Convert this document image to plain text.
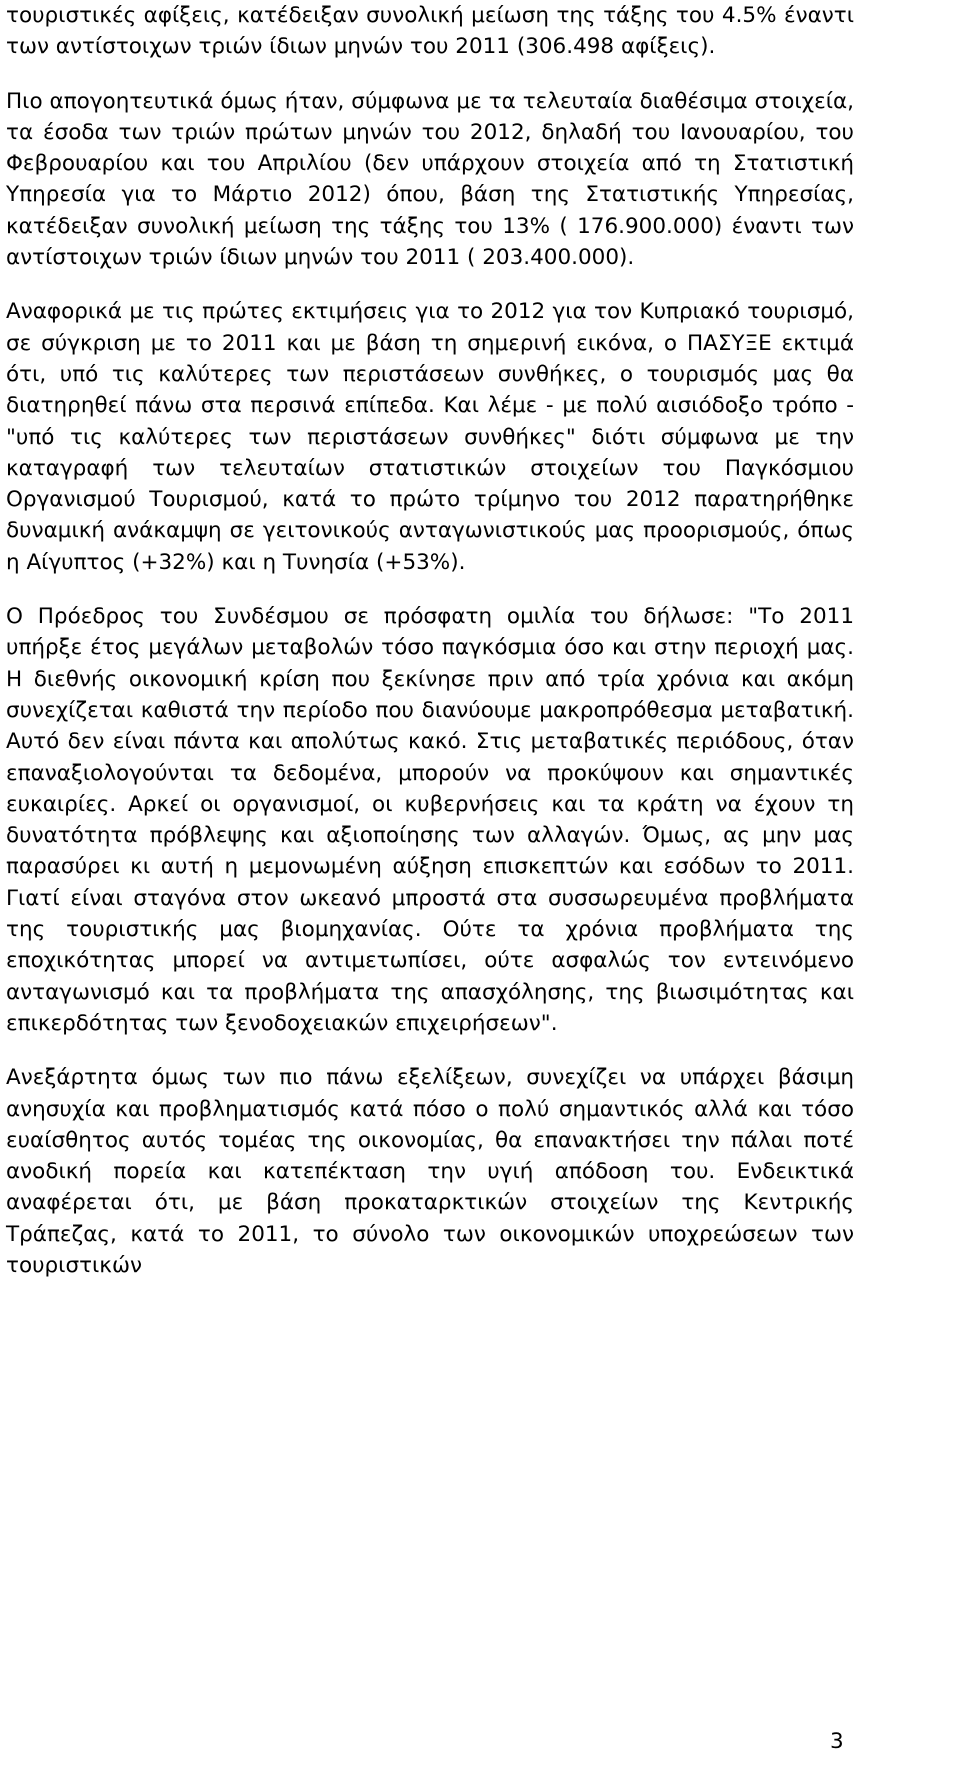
τουριστικές αφίξεις, κατέδειξαν συνολική μείωση της τάξης του 4.5% έναντι των αντίστοιχων τριών ίδιων μηνών του 2011 (306.498 αφίξεις).

Πιο απογοητευτικά όμως ήταν, σύμφωνα με τα τελευταία διαθέσιμα στοιχεία, τα έσοδα των τριών πρώτων μηνών του 2012, δηλαδή του Ιανουαρίου, του Φεβρουαρίου και του Απριλίου (δεν υπάρχουν στοιχεία από τη Στατιστική Υπηρεσία για το Μάρτιο 2012) όπου, βάση της Στατιστικής Υπηρεσίας, κατέδειξαν συνολική μείωση της τάξης του 13% ( 176.900.000) έναντι των αντίστοιχων τριών ίδιων μηνών του 2011 ( 203.400.000).

Αναφορικά με τις πρώτες εκτιμήσεις για το 2012 για τον Κυπριακό τουρισμό, σε σύγκριση με το 2011 και με βάση τη σημερινή εικόνα, ο ΠΑΣΥΞΕ εκτιμά ότι, υπό τις καλύτερες των περιστάσεων συνθήκες, ο τουρισμός μας θα διατηρηθεί πάνω στα περσινά επίπεδα. Και λέμε - με πολύ αισιόδοξο τρόπο - "υπό τις καλύτερες των περιστάσεων συνθήκες" διότι σύμφωνα με την καταγραφή των τελευταίων στατιστικών στοιχείων του Παγκόσμιου Οργανισμού Τουρισμού, κατά το πρώτο τρίμηνο του 2012 παρατηρήθηκε δυναμική ανάκαμψη σε γειτονικούς ανταγωνιστικούς μας προορισμούς, όπως η Αίγυπτος (+32%) και η Τυνησία (+53%).

Ο Πρόεδρος του Συνδέσμου σε πρόσφατη ομιλία του δήλωσε: "Το 2011 υπήρξε έτος μεγάλων μεταβολών τόσο παγκόσμια όσο και στην περιοχή μας. Η διεθνής οικονομική κρίση που ξεκίνησε πριν από τρία χρόνια και ακόμη συνεχίζεται καθιστά την περίοδο που διανύουμε μακροπρόθεσμα μεταβατική. Αυτό δεν είναι πάντα και απολύτως κακό. Στις μεταβατικές περιόδους, όταν επαναξιολογούνται τα δεδομένα, μπορούν να προκύψουν και σημαντικές ευκαιρίες. Αρκεί οι οργανισμοί, οι κυβερνήσεις και τα κράτη να έχουν τη δυνατότητα πρόβλεψης και αξιοποίησης των αλλαγών. Όμως, ας μην μας παρασύρει κι αυτή η μεμονωμένη αύξηση επισκεπτών και εσόδων το 2011. Γιατί είναι σταγόνα στον ωκεανό μπροστά στα συσσωρευμένα προβλήματα της τουριστικής μας βιομηχανίας. Ούτε τα χρόνια προβλήματα της εποχικότητας μπορεί να αντιμετωπίσει, ούτε ασφαλώς τον εντεινόμενο ανταγωνισμό και τα προβλήματα της απασχόλησης, της βιωσιμότητας και επικερδότητας των ξενοδοχειακών επιχειρήσεων".

Ανεξάρτητα όμως των πιο πάνω εξελίξεων, συνεχίζει να υπάρχει βάσιμη ανησυχία και προβληματισμός κατά πόσο ο πολύ σημαντικός αλλά και τόσο ευαίσθητος αυτός τομέας της οικονομίας, θα επανακτήσει την πάλαι ποτέ ανοδική πορεία και κατεπέκταση την υγιή απόδοση του. Ενδεικτικά αναφέρεται ότι, με βάση προκαταρκτικών στοιχείων της Κεντρικής Τράπεζας, κατά το 2011, το σύνολο των οικονομικών υποχρεώσεων των τουριστικών

3
